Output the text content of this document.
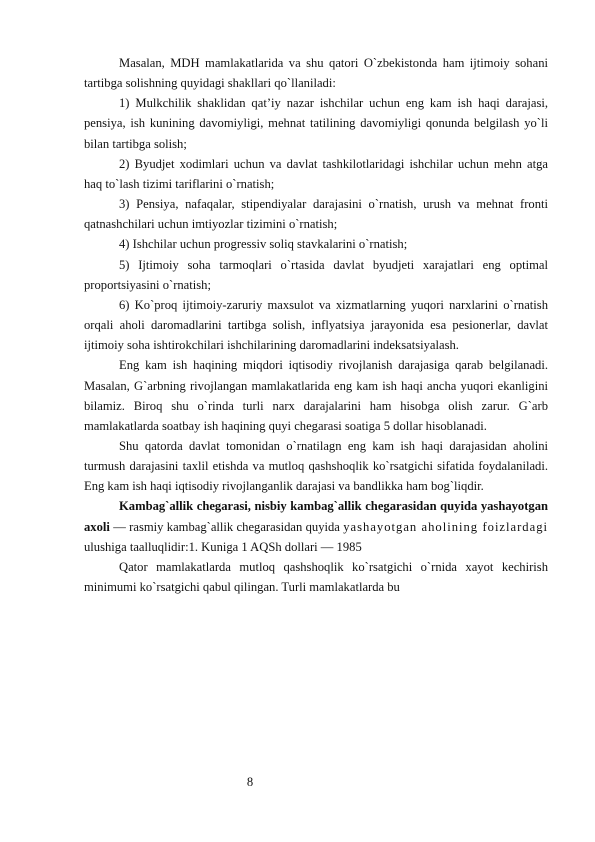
Masalan, MDH mamlakatlarida va shu qatori O`zbekistonda ham ijtimoiy sohani tartibga solishning quyidagi shakllari qo`llaniladi:

1) Mulkchilik shaklidan qat’iy nazar ishchilar uchun eng kam ish haqi darajasi, pensiya, ish kunining davomiyligi, mehnat tatilining davomiyligi qonunda belgilash yo`li bilan tartibga solish;

2) Byudjet xodimlari uchun va davlat tashkilotlaridagi ishchilar uchun mehn atga haq to`lash tizimi tariflarini o`rnatish;

3) Pensiya, nafaqalar, stipendiyalar darajasini o`rnatish, urush va mehnat fronti qatnashchilari uchun imtiyozlar tizimini o`rnatish;

4) Ishchilar uchun progressiv soliq stavkalarini o`rnatish;

5) Ijtimoiy soha tarmoqlari o`rtasida davlat byudjeti xarajatlari eng optimal proportsiyasini o`rnatish;

6) Ko`proq ijtimoiy-zaruriy maxsulot va xizmatlarning yuqori narxlarini o`rnatish orqali aholi daromadlarini tartibga solish, inflyatsiya jarayonida esa pesionerlar, davlat ijtimoiy soha ishtirokchilari ishchilarining daromadlarini indeksatsiyalash.

Eng kam ish haqining miqdori iqtisodiy rivojlanish darajasiga qarab belgilanadi. Masalan, G`arbning rivojlangan mamlakatlarida eng kam ish haqi ancha yuqori ekanligini bilamiz. Biroq shu o`rinda turli narx darajalarini ham hisobga olish zarur. G`arb mamlakatlarda soatbay ish haqining quyi chegarasi soatiga 5 dollar hisoblanadi.

Shu qatorda davlat tomonidan o`rnatilagn eng kam ish haqi darajasidan aholini turmush darajasini taxlil etishda va mutloq qashshoqlik ko`rsatgichi sifatida foydalaniladi. Eng kam ish haqi iqtisodiy rivojlanganlik darajasi va bandlikka ham bog`liqdir.

Kambag`allik chegarasi, nisbiy kambag`allik chegarasidan quyida yashayotgan axoli — rasmiy kambag`allik chegarasidan quyida yashayotgan aholining foizlardagi ulushiga taalluqlidir:1. Kuniga 1 AQSh dollari — 1985

Qator mamlakatlarda mutloq qashshoqlik ko`rsatgichi o`rnida xayot kechirish minimumi ko`rsatgichi qabul qilingan. Turli mamlakatlarda bu

8
